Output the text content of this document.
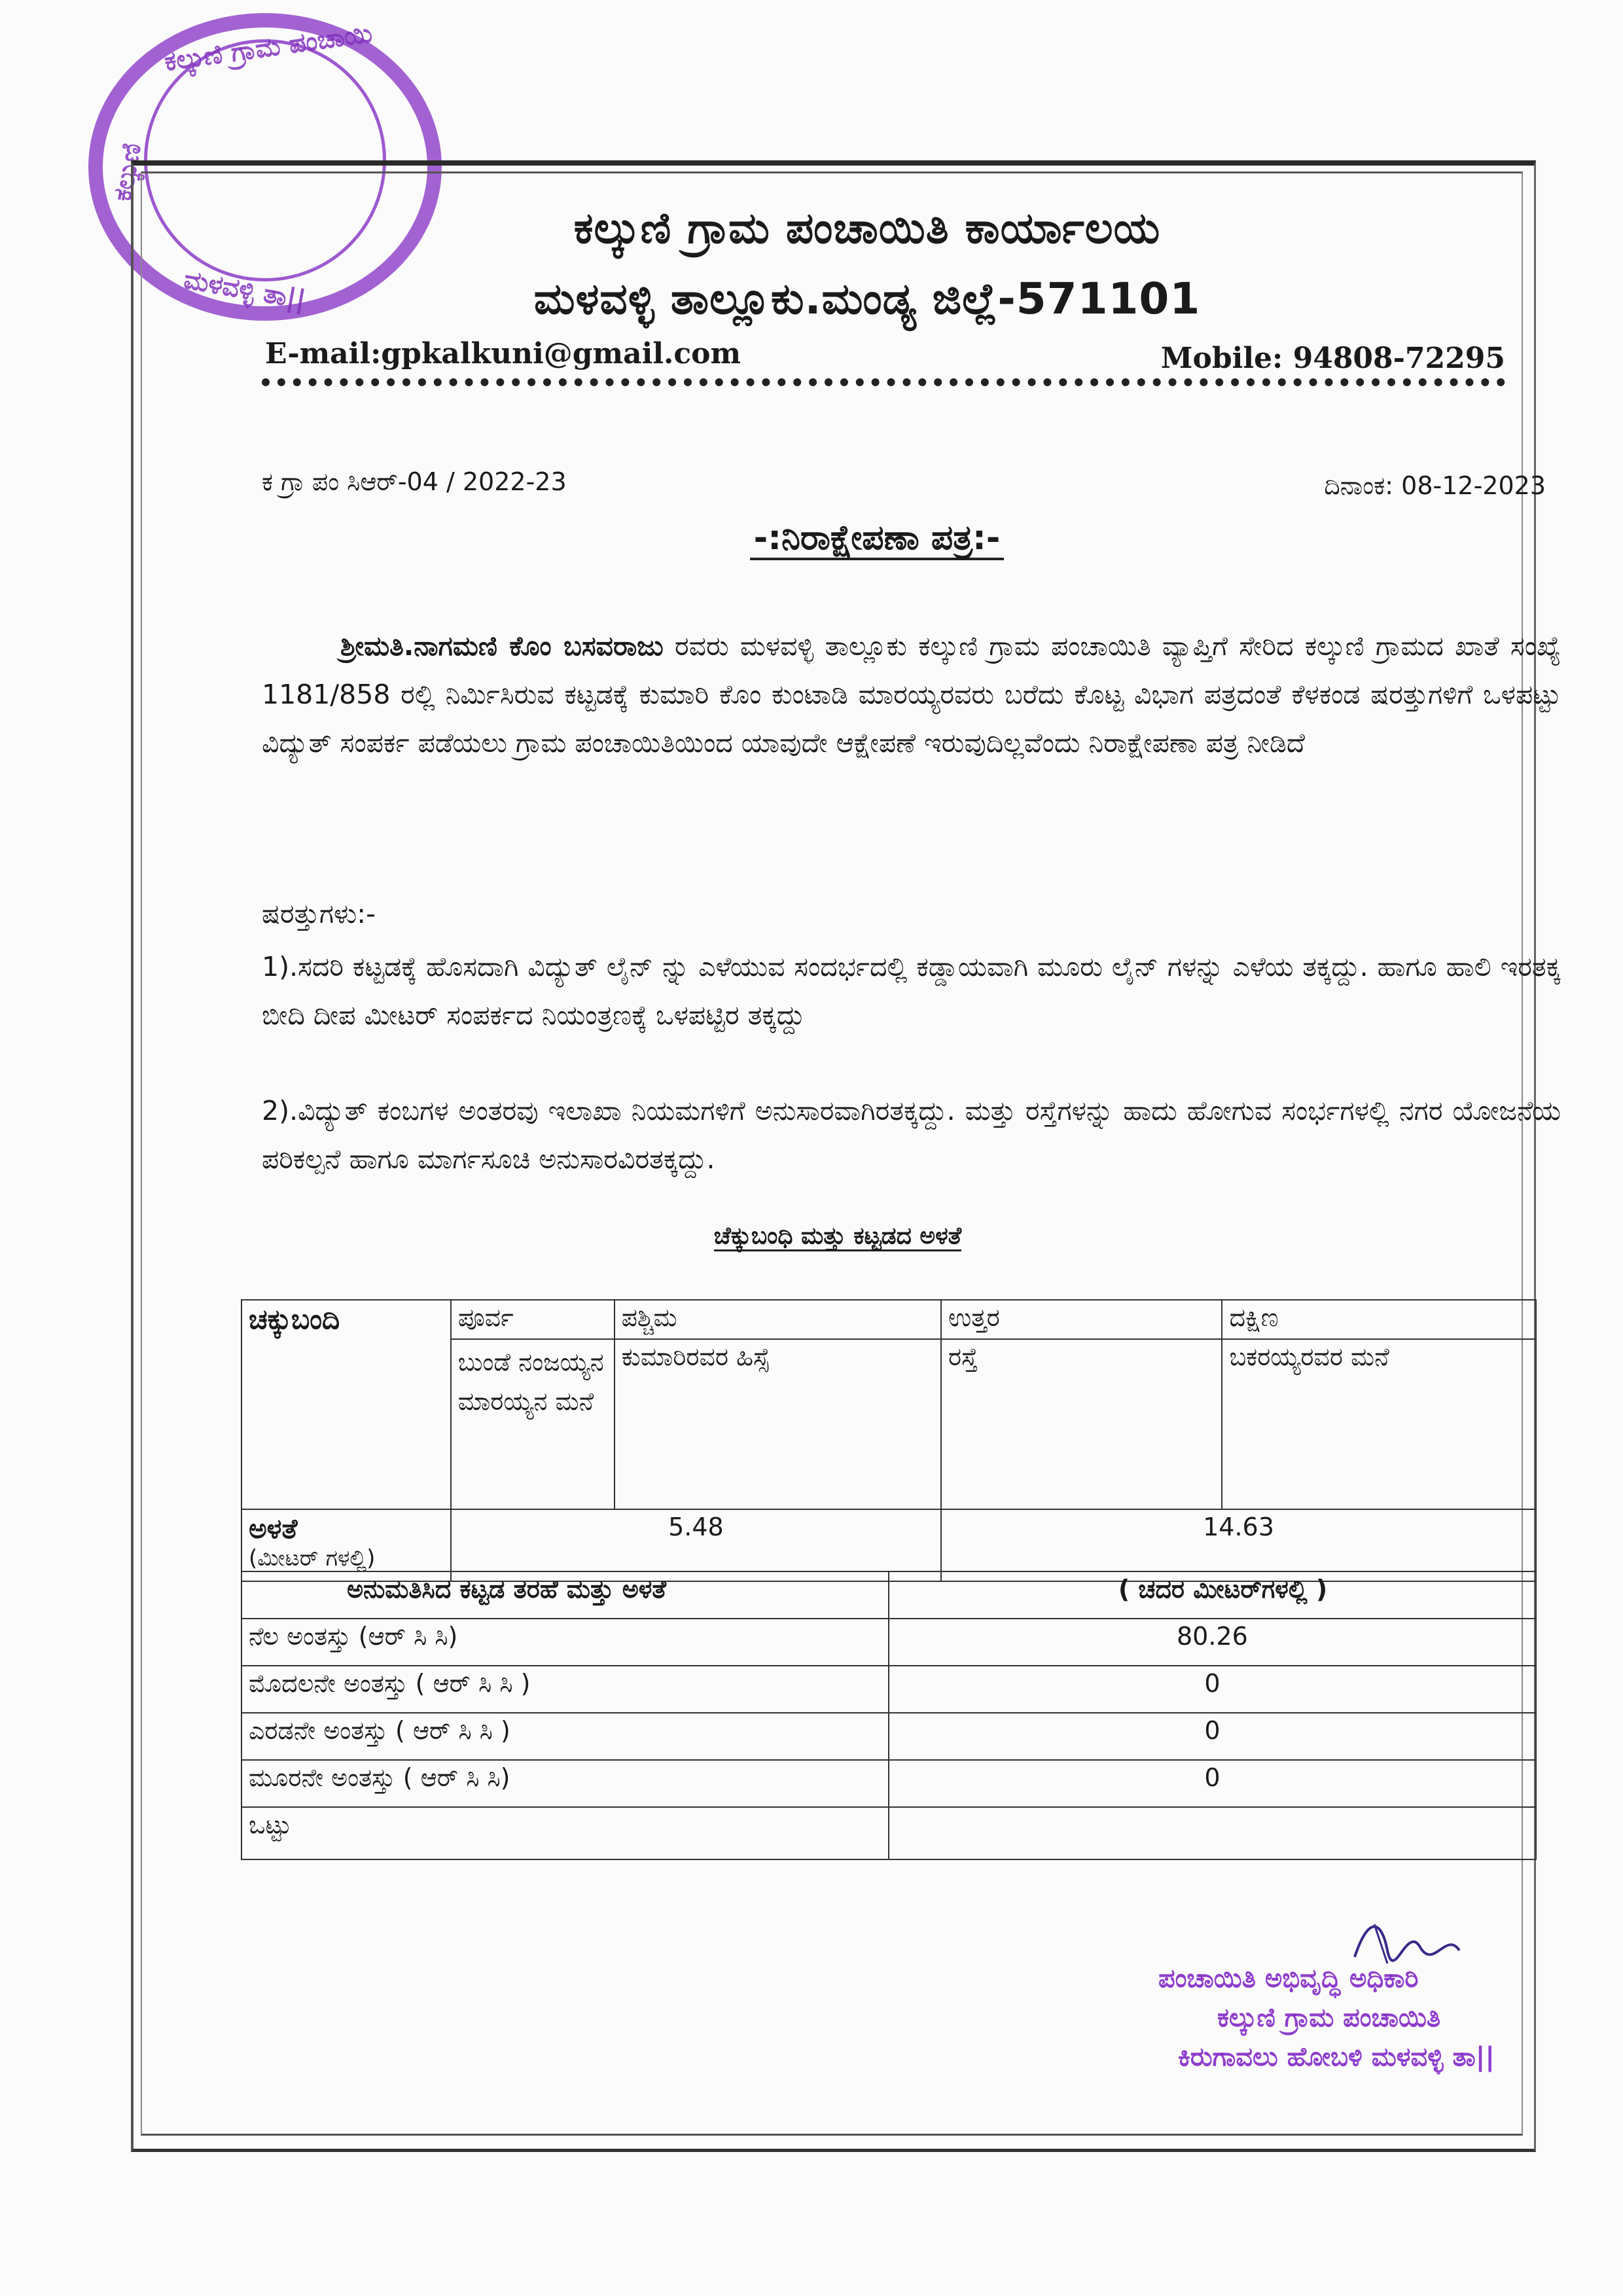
ಕಲ್ಕುಣಿ ಗ್ರಾಮ ಪಂಚಾಯಿ
ಕಲ್ಕುಣಿ
ಮಳವಳ್ಳಿ ತಾ||
ಕಲ್ಕುಣಿ ಗ್ರಾಮ ಪಂಚಾಯಿತಿ ಕಾರ್ಯಾಲಯ
ಮಳವಳ್ಳಿ ತಾಲ್ಲೂಕು.ಮಂಡ್ಯ ಜಿಲ್ಲೆ-571101
E-mail:gpkalkuni@gmail.com	Mobile: 94808-72295
ಕ ಗ್ರಾ ಪಂ ಸಿಆರ್-04 / 2022-23	ದಿನಾಂಕ: 08-12-2023
-:ನಿರಾಕ್ಷೇಪಣಾ ಪತ್ರ:-
ಶ್ರೀಮತಿ.ನಾಗಮಣಿ ಕೊಂ ಬಸವರಾಜು ರವರು ಮಳವಳ್ಳಿ ತಾಲ್ಲೂಕು ಕಲ್ಕುಣಿ ಗ್ರಾಮ ಪಂಚಾಯಿತಿ ವ್ಯಾಪ್ತಿಗೆ ಸೇರಿದ ಕಲ್ಕುಣಿ ಗ್ರಾಮದ ಖಾತೆ ಸಂಖ್ಯೆ 1181/858 ರಲ್ಲಿ ನಿರ್ಮಿಸಿರುವ ಕಟ್ಟಡಕ್ಕೆ ಕುಮಾರಿ ಕೊಂ ಕುಂಟಾಡಿ ಮಾರಯ್ಯರವರು ಬರೆದು ಕೊಟ್ಟ ವಿಭಾಗ ಪತ್ರದಂತೆ ಕೆಳಕಂಡ ಷರತ್ತುಗಳಿಗೆ ಒಳಪಟ್ಟು ವಿದ್ಯುತ್ ಸಂಪರ್ಕ ಪಡೆಯಲು ಗ್ರಾಮ ಪಂಚಾಯಿತಿಯಿಂದ ಯಾವುದೇ ಆಕ್ಷೇಪಣೆ ಇರುವುದಿಲ್ಲವೆಂದು ನಿರಾಕ್ಷೇಪಣಾ ಪತ್ರ ನೀಡಿದೆ
ಷರತ್ತುಗಳು:-
1).ಸದರಿ ಕಟ್ಟಡಕ್ಕೆ ಹೊಸದಾಗಿ ವಿದ್ಯುತ್ ಲೈನ್ ನ್ನು ಎಳೆಯುವ ಸಂದರ್ಭದಲ್ಲಿ ಕಡ್ಡಾಯವಾಗಿ ಮೂರು ಲೈನ್ ಗಳನ್ನು ಎಳೆಯ ತಕ್ಕದ್ದು. ಹಾಗೂ ಹಾಲಿ ಇರತಕ್ಕ ಬೀದಿ ದೀಪ ಮೀಟರ್ ಸಂಪರ್ಕದ ನಿಯಂತ್ರಣಕ್ಕೆ ಒಳಪಟ್ಟಿರ ತಕ್ಕದ್ದು
2).ವಿದ್ಯುತ್ ಕಂಬಗಳ ಅಂತರವು ಇಲಾಖಾ ನಿಯಮಗಳಿಗೆ ಅನುಸಾರವಾಗಿರತಕ್ಕದ್ದು. ಮತ್ತು ರಸ್ತೆಗಳನ್ನು ಹಾದು ಹೋಗುವ ಸಂರ್ಭಗಳಲ್ಲಿ ನಗರ ಯೋಜನೆಯ ಪರಿಕಲ್ಪನೆ ಹಾಗೂ ಮಾರ್ಗಸೂಚಿ ಅನುಸಾರವಿರತಕ್ಕದ್ದು.
ಚೆಕ್ಕುಬಂಧಿ ಮತ್ತು ಕಟ್ಟಡದ ಅಳತೆ
ಚಕ್ಕುಬಂದಿ	ಪೂರ್ವ	ಪಶ್ಚಿಮ	ಉತ್ತರ	ದಕ್ಷಿಣ
	ಬುಂಡೆ ನಂಜಯ್ಯನ ಮಾರಯ್ಯನ ಮನೆ	ಕುಮಾರಿರವರ ಹಿಸ್ಸೆ	ರಸ್ತೆ	ಬಕರಯ್ಯರವರ ಮನೆ

ಅಳತೆ
(ಮೀಟರ್ ಗಳಲ್ಲಿ)	5.48		14.63	
ಅನುಮತಿಸಿದ ಕಟ್ಟಡ ತರಹೆ ಮತ್ತು ಅಳತೆ	( ಚದರ ಮೀಟರ್‌ಗಳಲ್ಲಿ )
ನೆಲ ಅಂತಸ್ತು (ಆರ್ ಸಿ ಸಿ)	80.26
ಮೊದಲನೇ ಅಂತಸ್ತು ( ಆರ್ ಸಿ ಸಿ )	0
ಎರಡನೇ ಅಂತಸ್ತು ( ಆರ್ ಸಿ ಸಿ )	0
ಮೂರನೇ ಅಂತಸ್ತು ( ಆರ್ ಸಿ ಸಿ)	0
ಒಟ್ಟು	
ಪಂಚಾಯಿತಿ ಅಭಿವೃದ್ಧಿ ಅಧಿಕಾರಿ
ಕಲ್ಕುಣಿ ಗ್ರಾಮ ಪಂಚಾಯಿತಿ
ಕಿರುಗಾವಲು ಹೋಬಳಿ ಮಳವಳ್ಳಿ ತಾ||
